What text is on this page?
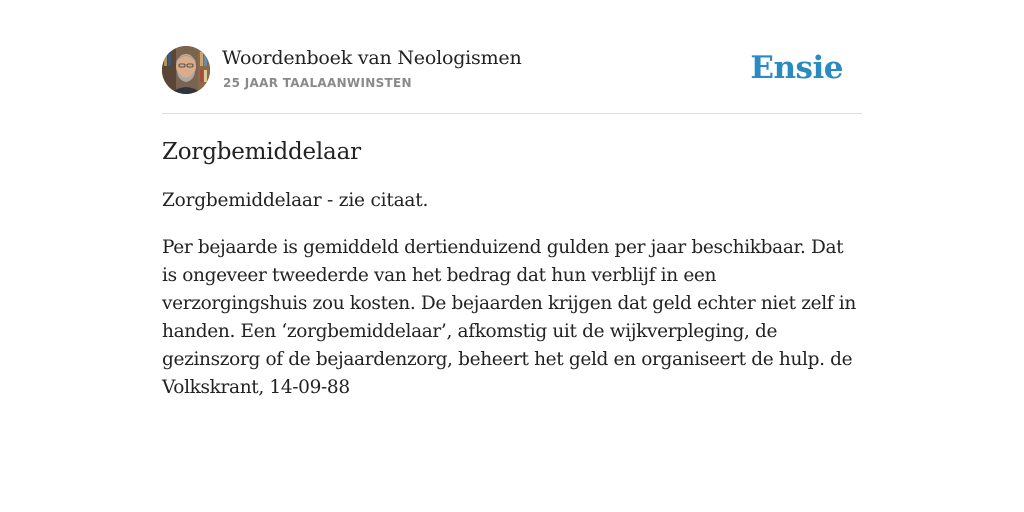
Woordenboek van Neologismen
25 JAAR TAALAANWINSTEN	Ensie
Zorgbemiddelaar

Zorgbemiddelaar - zie citaat.

Per bejaarde is gemiddeld dertienduizend gulden per jaar beschikbaar. Dat is ongeveer tweederde van het bedrag dat hun verblijf in een verzorgingshuis zou kosten. De bejaarden krijgen dat geld echter niet zelf in handen. Een ‘zorgbemiddelaar’, afkomstig uit de wijkverpleging, de gezinszorg of de bejaardenzorg, beheert het geld en organiseert de hulp. de Volkskrant, 14-09-88
